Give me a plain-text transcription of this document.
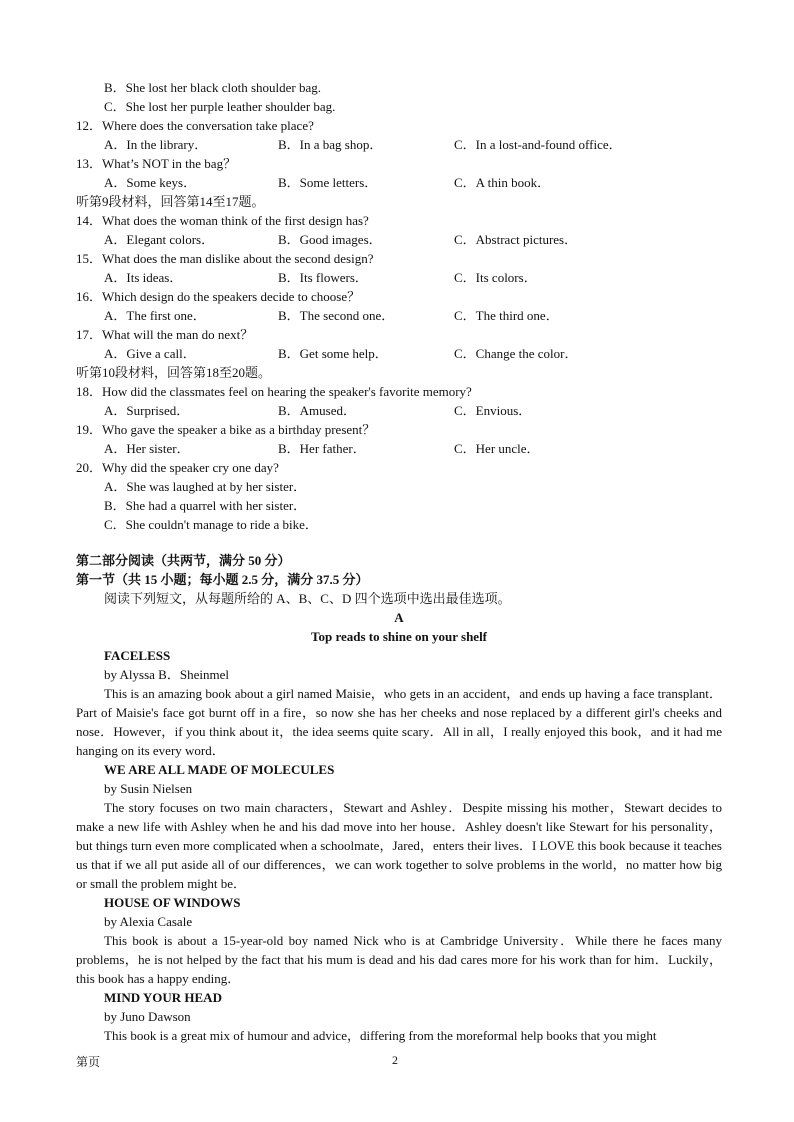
B．She lost her black cloth shoulder bag.
C．She lost her purple leather shoulder bag.
12．Where does the conversation take place?
A．In the library．	B．In a bag shop．	C．In a lost-and-found office．
13．What’s NOT in the bag？
A．Some keys．	B．Some letters．	C．A thin book．
听第9段材料，回答第14至17题。
14．What does the woman think of the first design has?
A．Elegant colors．	B．Good images．	C．Abstract pictures．
15．What does the man dislike about the second design?
A．Its ideas．	B．Its flowers．	C．Its colors．
16．Which design do the speakers decide to choose？
A．The first one．	B．The second one．	C．The third one．
17．What will the man do next？
A．Give a call．	B．Get some help．	C．Change the color．
听第10段材料，回答第18至20题。
18．How did the classmates feel on hearing the speaker's favorite memory?
A．Surprised．	B．Amused．	C．Envious．
19．Who gave the speaker a bike as a birthday present？
A．Her sister．	B．Her father．	C．Her uncle．
20．Why did the speaker cry one day?
A．She was laughed at by her sister．
B．She had a quarrel with her sister．
C．She couldn't manage to ride a bike．
第二部分阅读（共两节，满分 50 分）
第一节（共 15 小题；每小题 2.5 分，满分 37.5 分）
阅读下列短文，从每题所给的 A、B、C、D 四个选项中选出最佳选项。
A
Top reads to shine on your shelf
FACELESS
by Alyssa B．Sheinmel
This is an amazing book about a girl named Maisie，who gets in an accident，and ends up having a face transplant．Part of Maisie's face got burnt off in a fire，so now she has her cheeks and nose replaced by a different girl's cheeks and nose．However，if you think about it，the idea seems quite scary．All in all，I really enjoyed this book，and it had me hanging on its every word．
WE ARE ALL MADE OF MOLECULES
by Susin Nielsen
The story focuses on two main characters，Stewart and Ashley．Despite missing his mother，Stewart decides to make a new life with Ashley when he and his dad move into her house．Ashley doesn't like Stewart for his personality，but things turn even more complicated when a schoolmate，Jared，enters their lives．I LOVE this book because it teaches us that if we all put aside all of our differences，we can work together to solve problems in the world，no matter how big or small the problem might be．
HOUSE OF WINDOWS
by Alexia Casale
This book is about a 15-year-old boy named Nick who is at Cambridge University．While there he faces many problems，he is not helped by the fact that his mum is dead and his dad cares more for his work than for him．Luckily，this book has a happy ending．
MIND YOUR HEAD
by Juno Dawson
This book is a great mix of humour and advice，differing from the moreformal help books that you might
第页	2
